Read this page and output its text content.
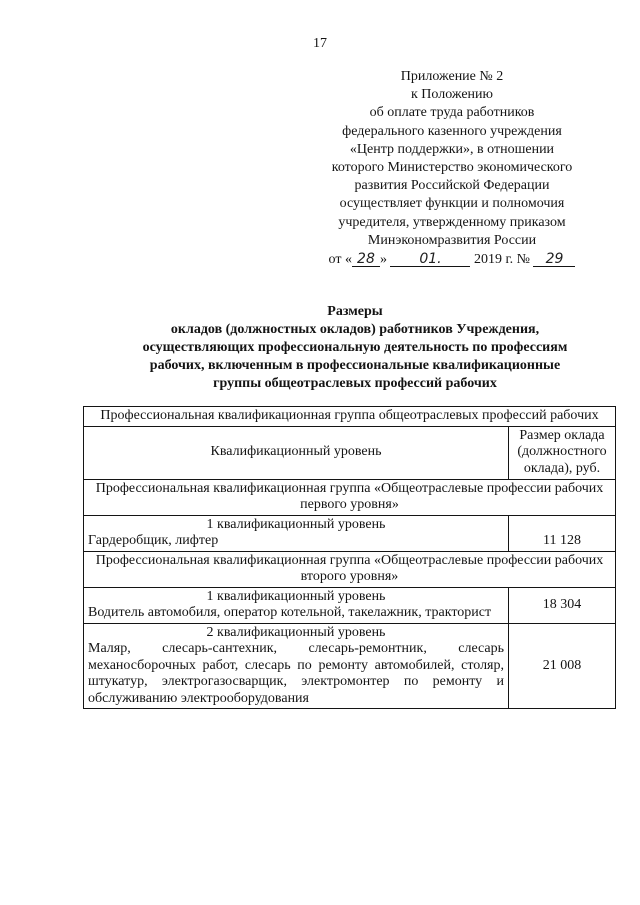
17
Приложение № 2
к Положению
об оплате труда работников
федерального казенного учреждения
«Центр поддержки», в отношении
которого Министерство экономического
развития Российской Федерации
осуществляет функции и полномочия
учредителя, утвержденному приказом
Минэкономразвития России
от « 28 » 01. 2019 г. № 29
Размеры
окладов (должностных окладов) работников Учреждения,
осуществляющих профессиональную деятельность по профессиям
рабочих, включенным в профессиональные квалификационные
группы общеотраслевых профессий рабочих
Профессиональная квалификационная группа общеотраслевых профессий рабочих	
Квалификационный уровень	Размер оклада (должностного оклада), руб.
Профессиональная квалификационная группа «Общеотраслевые профессии рабочих первого уровня»	

1 квалификационный уровень
Гардеробщик, лифтер	11 128
Профессиональная квалификационная группа «Общеотраслевые профессии рабочих второго уровня»	

1 квалификационный уровень
Водитель автомобиля, оператор котельной, такелажник, тракторист	18 304

2 квалификационный уровень
Маляр, слесарь-сантехник, слесарь-ремонтник, слесарь механосборочных работ, слесарь по ремонту автомобилей, столяр, штукатур, электрогазосварщик, электромонтер по ремонту и обслуживанию электрооборудования	21 008
